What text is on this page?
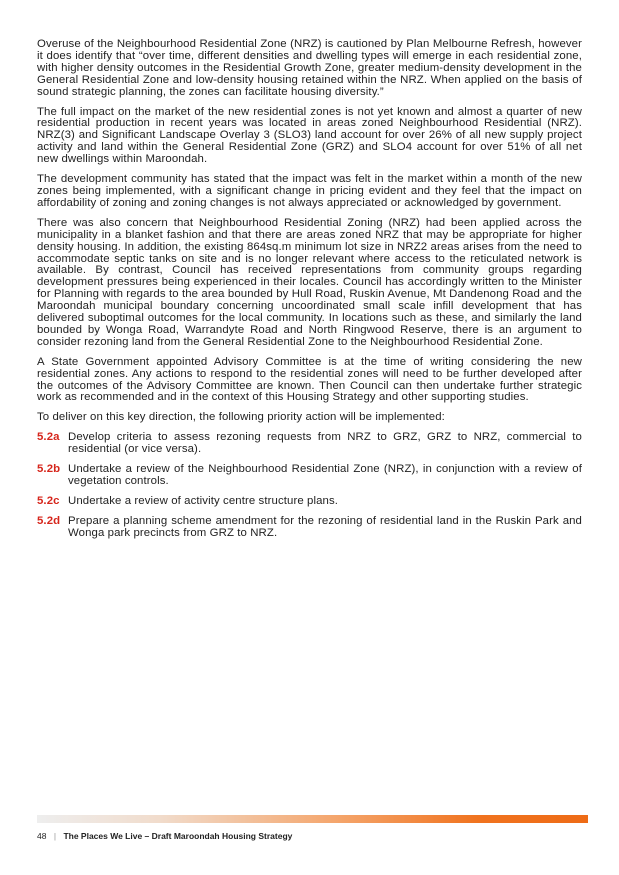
Overuse of the Neighbourhood Residential Zone (NRZ) is cautioned by Plan Melbourne Refresh, however it does identify that “over time, different densities and dwelling types will emerge in each residential zone, with higher density outcomes in the Residential Growth Zone, greater medium-density development in the General Residential Zone and low-density housing retained within the NRZ. When applied on the basis of sound strategic planning, the zones can facilitate housing diversity.”

The full impact on the market of the new residential zones is not yet known and almost a quarter of new residential production in recent years was located in areas zoned Neighbourhood Residential (NRZ). NRZ(3) and Significant Landscape Overlay 3 (SLO3) land account for over 26% of all new supply project activity and land within the General Residential Zone (GRZ) and SLO4 account for over 51% of all net new dwellings within Maroondah.

The development community has stated that the impact was felt in the market within a month of the new zones being implemented, with a significant change in pricing evident and they feel that the impact on affordability of zoning and zoning changes is not always appreciated or acknowledged by government.

There was also concern that Neighbourhood Residential Zoning (NRZ) had been applied across the municipality in a blanket fashion and that there are areas zoned NRZ that may be appropriate for higher density housing. In addition, the existing 864sq.m minimum lot size in NRZ2 areas arises from the need to accommodate septic tanks on site and is no longer relevant where access to the reticulated network is available. By contrast, Council has received representations from community groups regarding development pressures being experienced in their locales. Council has accordingly written to the Minister for Planning with regards to the area bounded by Hull Road, Ruskin Avenue, Mt Dandenong Road and the Maroondah municipal boundary concerning uncoordinated small scale infill development that has delivered suboptimal outcomes for the local community. In locations such as these, and similarly the land bounded by Wonga Road, Warrandyte Road and North Ringwood Reserve, there is an argument to consider rezoning land from the General Residential Zone to the Neighbourhood Residential Zone.

A State Government appointed Advisory Committee is at the time of writing considering the new residential zones. Any actions to respond to the residential zones will need to be further developed after the outcomes of the Advisory Committee are known. Then Council can then undertake further strategic work as recommended and in the context of this Housing Strategy and other supporting studies.

To deliver on this key direction, the following priority action will be implemented:

5.2a Develop criteria to assess rezoning requests from NRZ to GRZ, GRZ to NRZ, commercial to residential (or vice versa).
5.2b Undertake a review of the Neighbourhood Residential Zone (NRZ), in conjunction with a review of vegetation controls.
5.2c Undertake a review of activity centre structure plans.
5.2d Prepare a planning scheme amendment for the rezoning of residential land in the Ruskin Park and Wonga park precincts from GRZ to NRZ.
48 | The Places We Live – Draft Maroondah Housing Strategy
